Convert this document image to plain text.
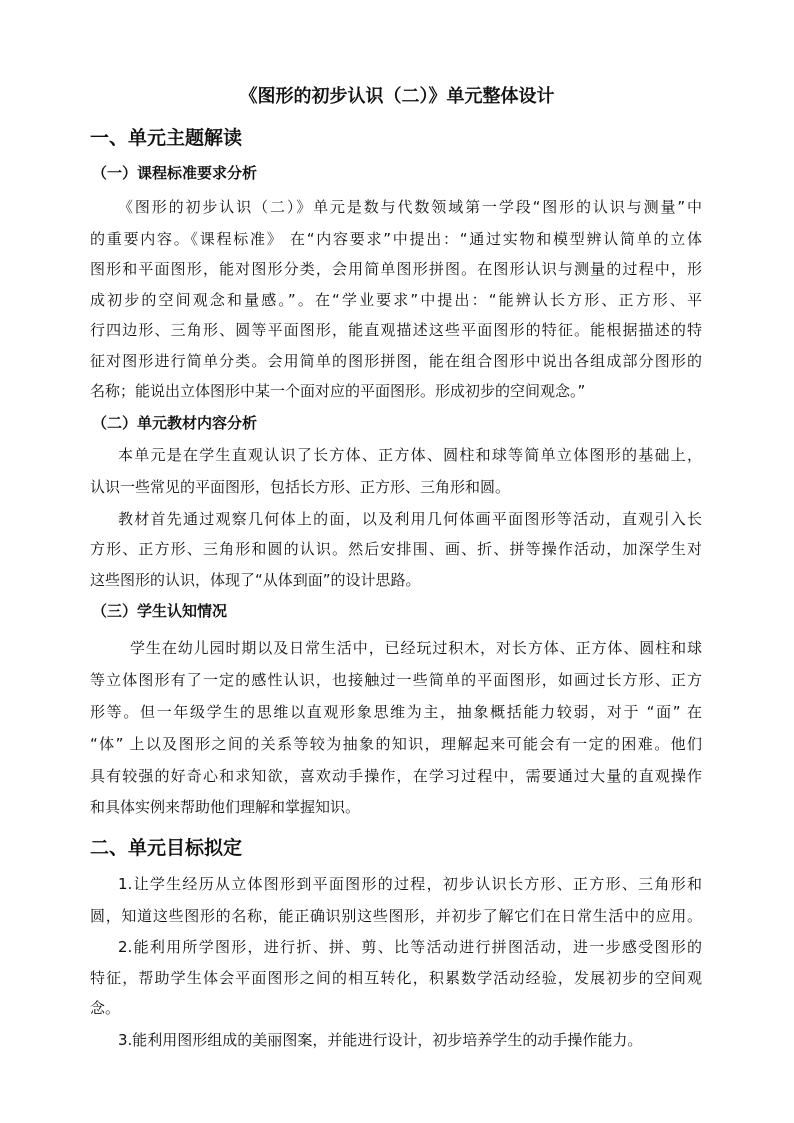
《图形的初步认识（二）》单元整体设计
一、单元主题解读
（一）课程标准要求分析
《图形的初步认识（二）》单元是数与代数领域第一学段“图形的认识与测量”中
的重要内容。《课程标准》 在“内容要求”中提出：“通过实物和模型辨认简单的立体
图形和平面图形，能对图形分类，会用简单图形拼图。在图形认识与测量的过程中，形
成初步的空间观念和量感。”。在“学业要求”中提出：“能辨认长方形、正方形、平
行四边形、三角形、圆等平面图形，能直观描述这些平面图形的特征。能根据描述的特
征对图形进行简单分类。会用简单的图形拼图，能在组合图形中说出各组成部分图形的
名称；能说出立体图形中某一个面对应的平面图形。形成初步的空间观念。”
（二）单元教材内容分析
本单元是在学生直观认识了长方体、正方体、圆柱和球等简单立体图形的基础上，
认识一些常见的平面图形，包括长方形、正方形、三角形和圆。
教材首先通过观察几何体上的面，以及利用几何体画平面图形等活动，直观引入长
方形、正方形、三角形和圆的认识。然后安排围、画、折、拼等操作活动，加深学生对
这些图形的认识，体现了“从体到面”的设计思路。
（三）学生认知情况
学生在幼儿园时期以及日常生活中，已经玩过积木，对长方体、正方体、圆柱和球
等立体图形有了一定的感性认识，也接触过一些简单的平面图形，如画过长方形、正方
形等。但一年级学生的思维以直观形象思维为主，抽象概括能力较弱，对于 “面” 在
“体” 上以及图形之间的关系等较为抽象的知识，理解起来可能会有一定的困难。他们
具有较强的好奇心和求知欲，喜欢动手操作，在学习过程中，需要通过大量的直观操作
和具体实例来帮助他们理解和掌握知识。
二、单元目标拟定
1.让学生经历从立体图形到平面图形的过程，初步认识长方形、正方形、三角形和
圆，知道这些图形的名称，能正确识别这些图形，并初步了解它们在日常生活中的应用。
2.能利用所学图形，进行折、拼、剪、比等活动进行拼图活动，进一步感受图形的
特征，帮助学生体会平面图形之间的相互转化，积累数学活动经验，发展初步的空间观
念。
3.能利用图形组成的美丽图案，并能进行设计，初步培养学生的动手操作能力。
